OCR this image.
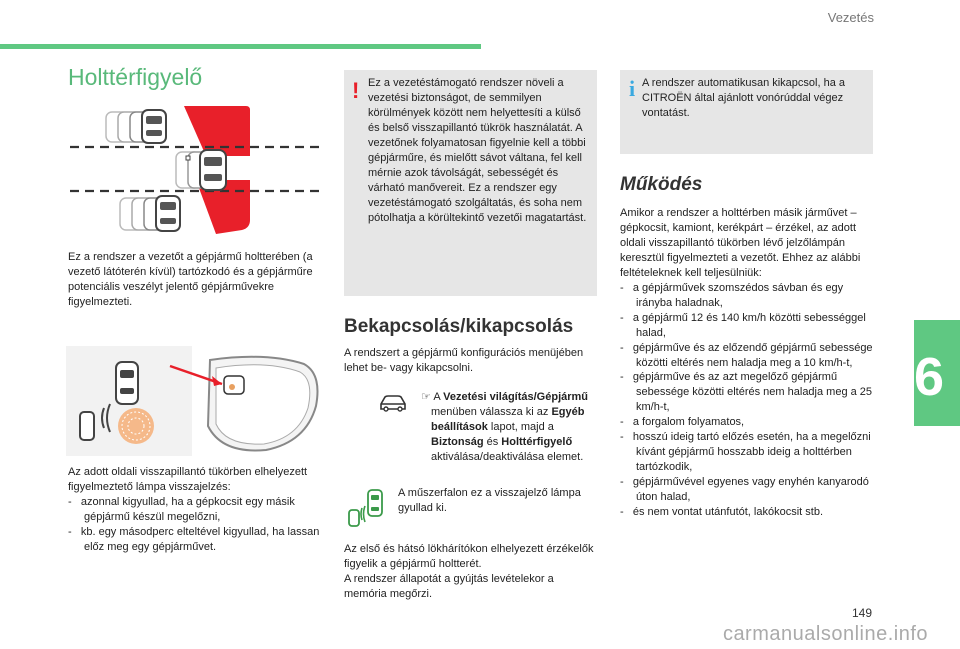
Vezetés
Holttérfigyelő
Ez a rendszer a vezetőt a gépjármű holtterében (a vezető látóterén kívül) tartózkodó és a gépjárműre potenciális veszélyt jelentő gépjárművekre figyelmezteti.

Az adott oldali visszapillantó tükörben elhelyezett figyelmeztető lámpa visszajelzés:

-   azonnal kigyullad, ha a gépkocsit egy másik gépjármű készül megelőzni,

-   kb. egy másodperc elteltével kigyullad, ha lassan előz meg egy gépjárművet.

! Ez a vezetéstámogató rendszer növeli a vezetési biztonságot, de semmilyen körülmények között nem helyettesíti a külső és belső visszapillantó tükrök használatát. A vezetőnek folyamatosan figyelnie kell a többi gépjárműre, és mielőtt sávot váltana, fel kell mérnie azok távolságát, sebességét és várható manővereit. Ez a rendszer egy vezetéstámogató szolgáltatás, és soha nem pótolhatja a körültekintő vezetői magatartást.
Bekapcsolás/kikapcsolás
A rendszert a gépjármű konfigurációs menüjében lehet be- vagy kikapcsolni.
☞ A Vezetési világítás/Gépjármű menüben válassza ki az Egyéb beállítások lapot, majd a Biztonság és Holttérfigyelő aktiválása/deaktiválása elemet.
A műszerfalon ez a visszajelző lámpa gyullad ki.
Az első és hátsó lökhárítókon elhelyezett érzékelők figyelik a gépjármű holtterét.
A rendszer állapotát a gyújtás levételekor a memória megőrzi.
i A rendszer automatikusan kikapcsol, ha a CITROËN által ajánlott vonórúddal végez vontatást.
Működés

Amikor a rendszer a holttérben másik járművet – gépkocsit, kamiont, kerékpárt – érzékel, az adott oldali visszapillantó tükörben lévő jelzőlámpán keresztül figyelmezteti a vezetőt. Ehhez az alábbi feltételeknek kell teljesülniük:

-   a gépjárművek szomszédos sávban és egy irányba haladnak,

-   a gépjármű 12 és 140 km/h közötti sebességgel halad,

-   gépjárműve és az előzendő gépjármű sebessége közötti eltérés nem haladja meg a 10 km/h-t,

-   gépjárműve és az azt megelőző gépjármű sebessége közötti eltérés nem haladja meg a 25 km/h-t,

-   a forgalom folyamatos,

-   hosszú ideig tartó előzés esetén, ha a megelőzni kívánt gépjármű hosszabb ideig a holttérben tartózkodik,

-   gépjárművével egyenes vagy enyhén kanyarodó úton halad,

-   és nem vontat utánfutót, lakókocsit stb.

6
149
carmanualsonline.info
